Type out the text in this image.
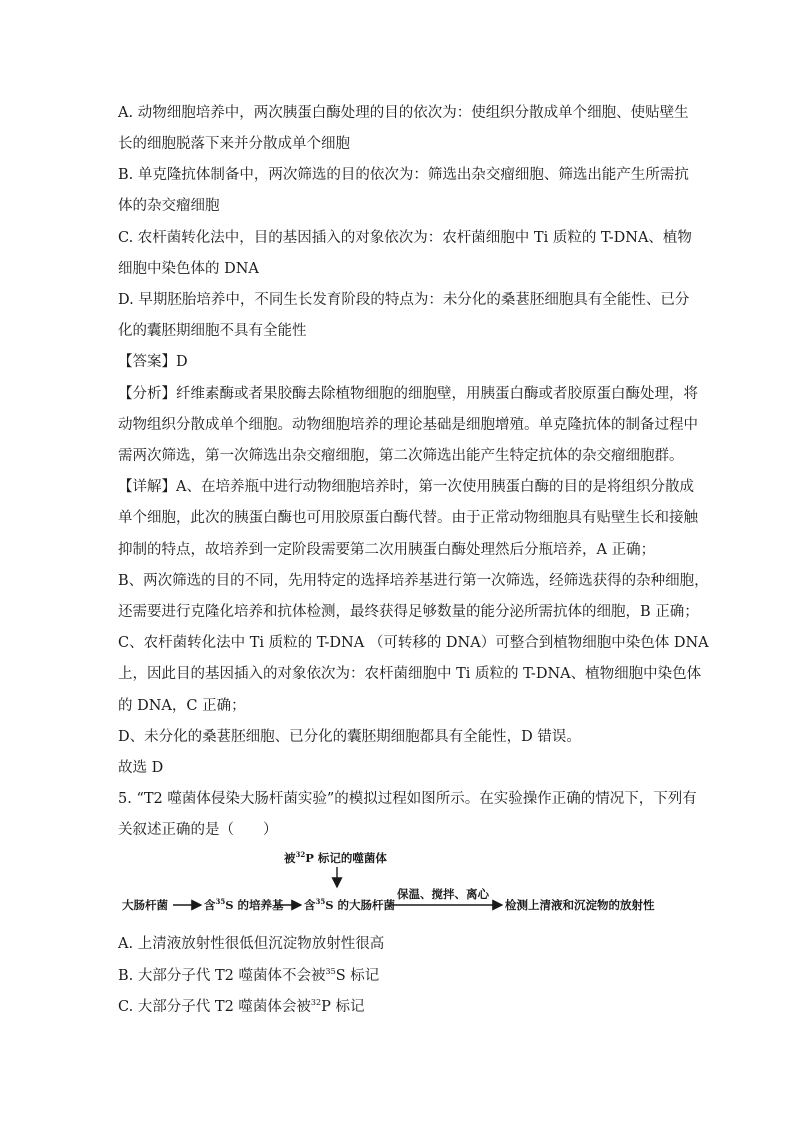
A. 动物细胞培养中，两次胰蛋白酶处理的目的依次为：使组织分散成单个细胞、使贴壁生
长的细胞脱落下来并分散成单个细胞
B. 单克隆抗体制备中，两次筛选的目的依次为：筛选出杂交瘤细胞、筛选出能产生所需抗
体的杂交瘤细胞
C. 农杆菌转化法中，目的基因插入的对象依次为：农杆菌细胞中 Ti 质粒的 T-DNA、植物
细胞中染色体的 DNA
D. 早期胚胎培养中，不同生长发育阶段的特点为：未分化的桑葚胚细胞具有全能性、已分
化的囊胚期细胞不具有全能性
【答案】D
【分析】纤维素酶或者果胶酶去除植物细胞的细胞壁，用胰蛋白酶或者胶原蛋白酶处理，将
动物组织分散成单个细胞。动物细胞培养的理论基础是细胞增殖。单克隆抗体的制备过程中
需两次筛选，第一次筛选出杂交瘤细胞，第二次筛选出能产生特定抗体的杂交瘤细胞群。
【详解】A、在培养瓶中进行动物细胞培养时，第一次使用胰蛋白酶的目的是将组织分散成
单个细胞，此次的胰蛋白酶也可用胶原蛋白酶代替。由于正常动物细胞具有贴壁生长和接触
抑制的特点，故培养到一定阶段需要第二次用胰蛋白酶处理然后分瓶培养，A 正确；
B、两次筛选的目的不同，先用特定的选择培养基进行第一次筛选，经筛选获得的杂种细胞，
还需要进行克隆化培养和抗体检测，最终获得足够数量的能分泌所需抗体的细胞，B 正确；
C、农杆菌转化法中 Ti 质粒的 T-DNA （可转移的 DNA）可整合到植物细胞中染色体 DNA
上，因此目的基因插入的对象依次为：农杆菌细胞中 Ti 质粒的 T-DNA、植物细胞中染色体
的 DNA，C 正确；
D、未分化的桑葚胚细胞、已分化的囊胚期细胞都具有全能性，D 错误。
故选 D
5. “T2 噬菌体侵染大肠杆菌实验”的模拟过程如图所示。在实验操作正确的情况下，下列有
关叙述正确的是（　　）
被$^{32}$P 标记的噬菌体
大肠杆菌	含$^{35}$S 的培养基 含$^{35}$S 的大肠杆菌
保温、搅拌、离心
检测上清液和沉淀物的放射性
A. 上清液放射性很低但沉淀物放射性很高
B. 大部分子代 T2 噬菌体不会被$^{35}$S 标记
C. 大部分子代 T2 噬菌体会被$^{32}$P 标记
